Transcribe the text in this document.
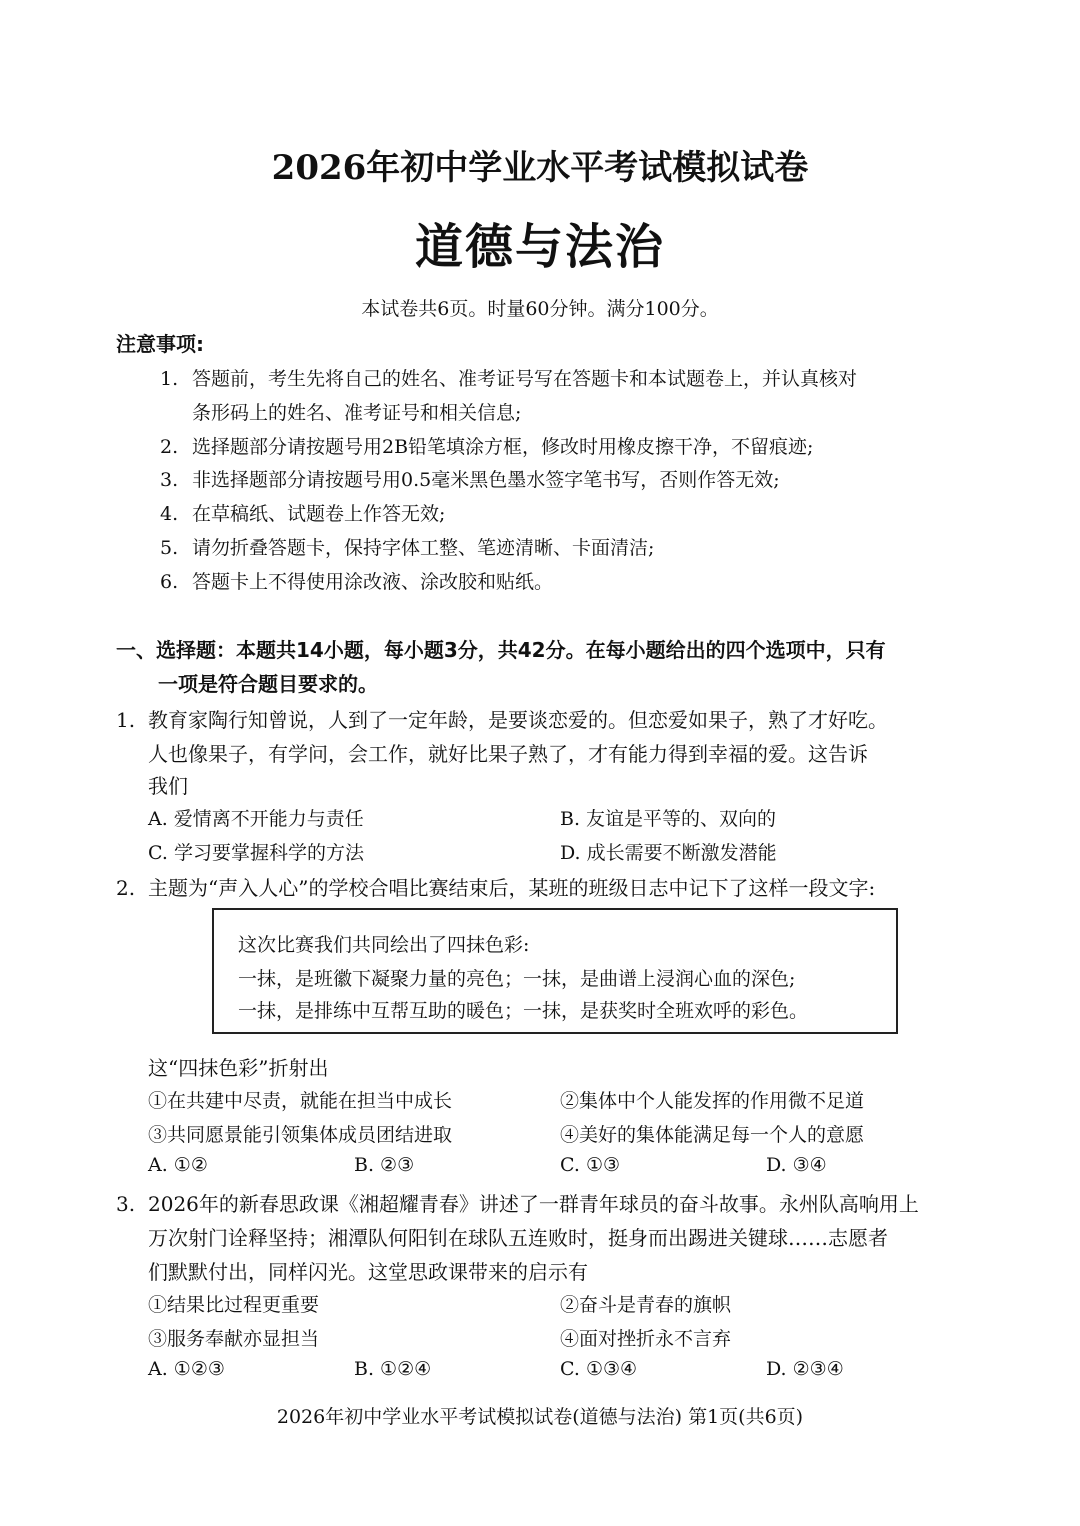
2026年初中学业水平考试模拟试卷
道德与法治
本试卷共6页。时量60分钟。满分100分。
注意事项:
1. 答题前，考生先将自己的姓名、准考证号写在答题卡和本试题卷上，并认真核对
条形码上的姓名、准考证号和相关信息;
2. 选择题部分请按题号用2B铅笔填涂方框，修改时用橡皮擦干净，不留痕迹;
3. 非选择题部分请按题号用0.5毫米黑色墨水签字笔书写，否则作答无效;
4. 在草稿纸、试题卷上作答无效;
5. 请勿折叠答题卡，保持字体工整、笔迹清晰、卡面清洁;
6. 答题卡上不得使用涂改液、涂改胶和贴纸。
一、选择题：本题共14小题，每小题3分，共42分。在每小题给出的四个选项中，只有
一项是符合题目要求的。
1. 教育家陶行知曾说，人到了一定年龄，是要谈恋爱的。但恋爱如果子，熟了才好吃。
人也像果子，有学问，会工作，就好比果子熟了，才有能力得到幸福的爱。这告诉
我们
A. 爱情离不开能力与责任	B. 友谊是平等的、双向的
C. 学习要掌握科学的方法	D. 成长需要不断激发潜能
2. 主题为“声入人心”的学校合唱比赛结束后，某班的班级日志中记下了这样一段文字:
这次比赛我们共同绘出了四抹色彩:
一抹，是班徽下凝聚力量的亮色；一抹，是曲谱上浸润心血的深色;
一抹，是排练中互帮互助的暖色；一抹，是获奖时全班欢呼的彩色。
这“四抹色彩”折射出
①在共建中尽责，就能在担当中成长	②集体中个人能发挥的作用微不足道
③共同愿景能引领集体成员团结进取	④美好的集体能满足每一个人的意愿
A. ①②	B. ②③	C. ①③	D. ③④
3. 2026年的新春思政课《湘超耀青春》讲述了一群青年球员的奋斗故事。永州队高响用上
万次射门诠释坚持；湘潭队何阳钊在球队五连败时，挺身而出踢进关键球……志愿者
们默默付出，同样闪光。这堂思政课带来的启示有
①结果比过程更重要	②奋斗是青春的旗帜
③服务奉献亦显担当	④面对挫折永不言弃
A. ①②③	B. ①②④	C. ①③④	D. ②③④
2026年初中学业水平考试模拟试卷(道德与法治) 第1页(共6页)
